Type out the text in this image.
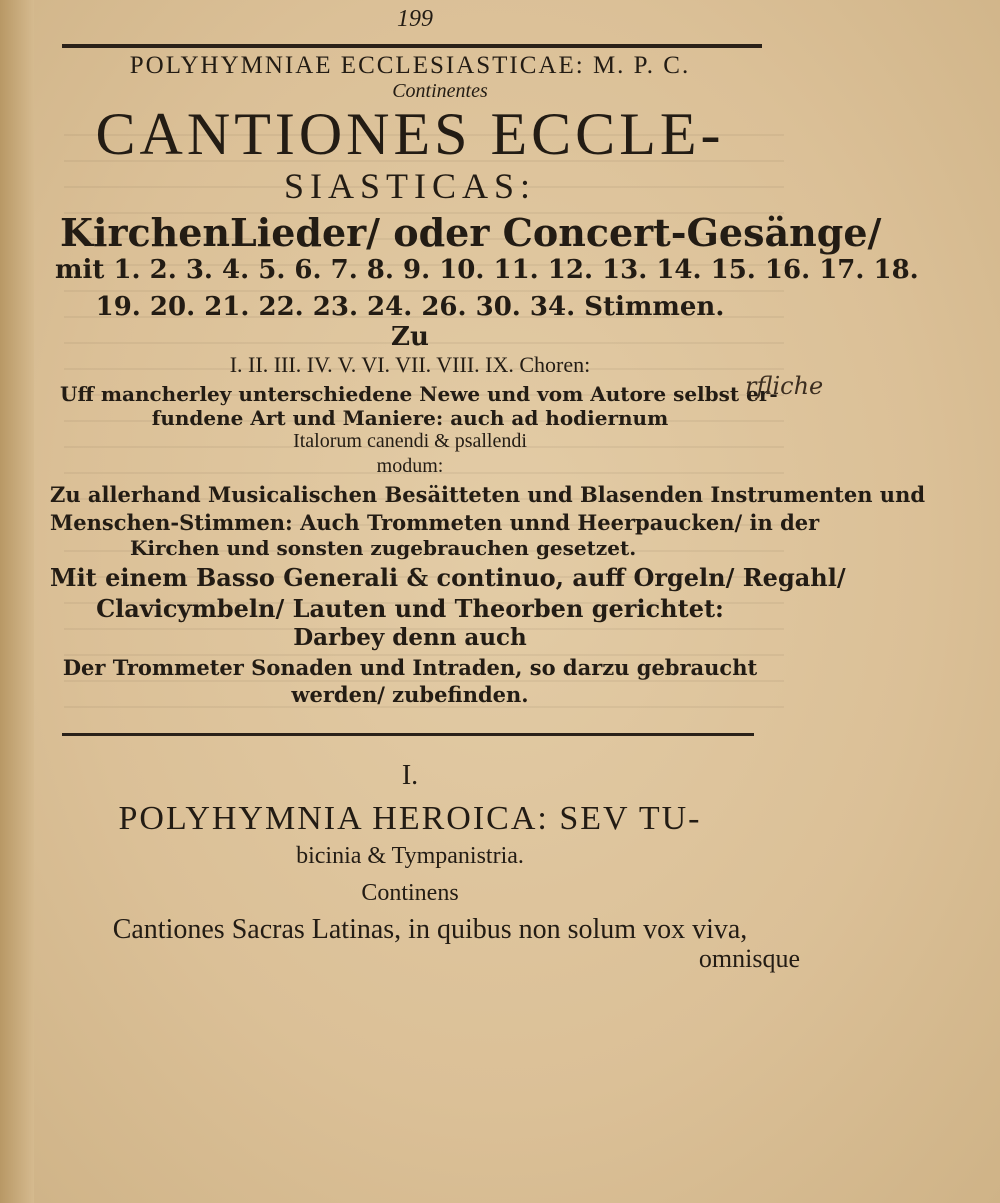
199
POLYHYMNIAE ECCLESIASTICAE: M. P. C.
Continentes
CANTIONES ECCLE-
SIASTICAS:
KirchenLieder/ oder Concert-Gesänge/
mit 1. 2. 3. 4. 5. 6. 7. 8. 9. 10. 11. 12. 13. 14. 15. 16. 17. 18.
19. 20. 21. 22. 23. 24. 26. 30. 34. Stimmen.
Zu
I. II. III. IV. V. VI. VII. VIII. IX. Choren:
Uff mancherley unterschiedene Newe und vom Autore selbst er-
rfliche
fundene Art und Maniere: auch ad hodiernum
Italorum canendi & psallendi
modum:
Zu allerhand Musicalischen Besäitteten und Blasenden Instrumenten und
Menschen-Stimmen: Auch Trommeten unnd Heerpaucken/ in der
Kirchen und sonsten zugebrauchen gesetzet.
Mit einem Basso Generali & continuo, auff Orgeln/ Regahl/
Clavicymbeln/ Lauten und Theorben gerichtet:
Darbey denn auch
Der Trommeter Sonaden und Intraden, so darzu gebraucht
werden/ zubefinden.
I.
POLYHYMNIA HEROICA: SEV TU-
bicinia & Tympanistria.
Continens
Cantiones Sacras Latinas, in quibus non solum vox viva,
omnisque
